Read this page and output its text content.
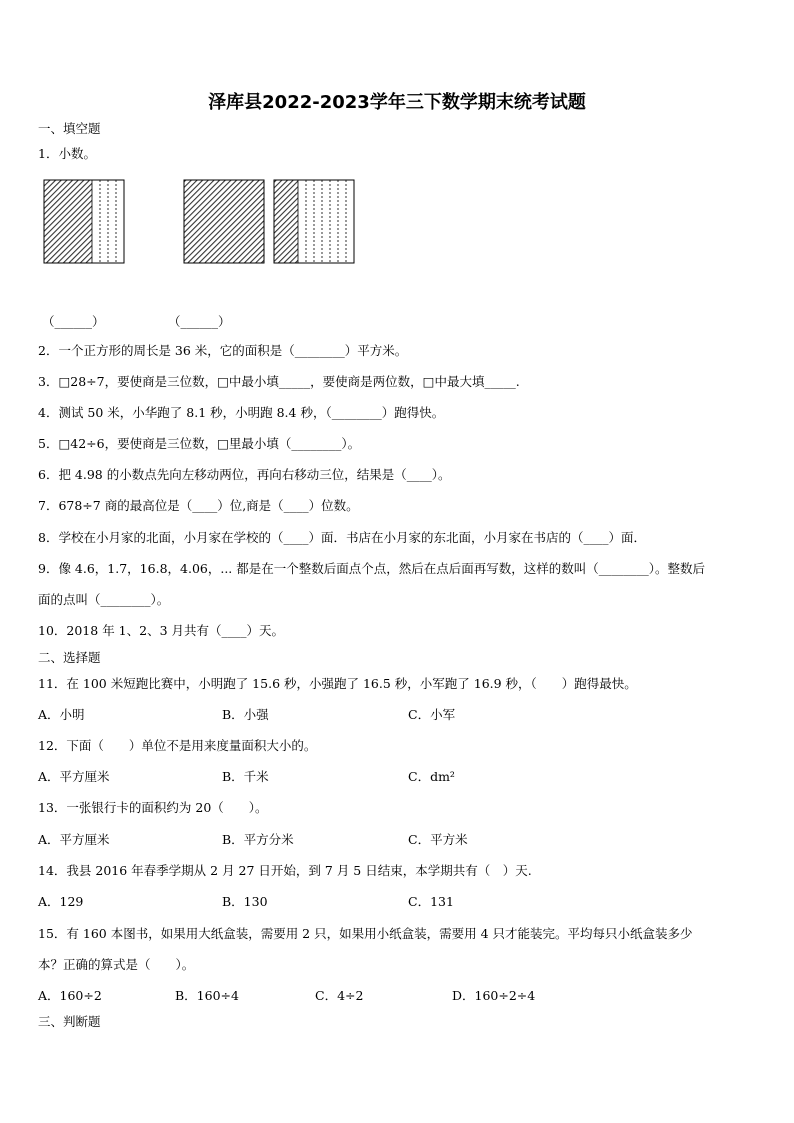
泽库县2022-2023学年三下数学期末统考试题
一、填空题
1．小数。
（______）	（______）
2．一个正方形的周长是 36 米，它的面积是（________）平方米。
3．□28÷7，要使商是三位数，□中最小填_____，要使商是两位数，□中最大填_____.
4．测试 50 米，小华跑了 8.1 秒，小明跑 8.4 秒，（________）跑得快。
5．□42÷6，要使商是三位数，□里最小填（________）。
6．把 4.98 的小数点先向左移动两位，再向右移动三位，结果是（____）。
7．678÷7 商的最高位是（____）位,商是（____）位数。
8．学校在小月家的北面，小月家在学校的（____）面．书店在小月家的东北面，小月家在书店的（____）面．
9．像 4.6，1.7，16.8，4.06，... 都是在一个整数后面点个点，然后在点后面再写数，这样的数叫（________）。整数后
面的点叫（________）。
10．2018 年 1、2、3 月共有（____）天。
二、选择题
11．在 100 米短跑比赛中，小明跑了 15.6 秒，小强跑了 16.5 秒，小军跑了 16.9 秒，（　　）跑得最快。
A．小明	B．小强	C．小军
12．下面（　　）单位不是用来度量面积大小的。
A．平方厘米	B．千米	C．dm²
13．一张银行卡的面积约为 20（　　）。
A．平方厘米	B．平方分米	C．平方米
14．我县 2016 年春季学期从 2 月 27 日开始，到 7 月 5 日结束，本学期共有（　）天.
A．129	B．130	C．131
15．有 160 本图书，如果用大纸盒装，需要用 2 只，如果用小纸盒装，需要用 4 只才能装完。平均每只小纸盒装多少
本？正确的算式是（　　）。
A．160÷2	B．160÷4	C．4÷2	D．160÷2÷4
三、判断题
